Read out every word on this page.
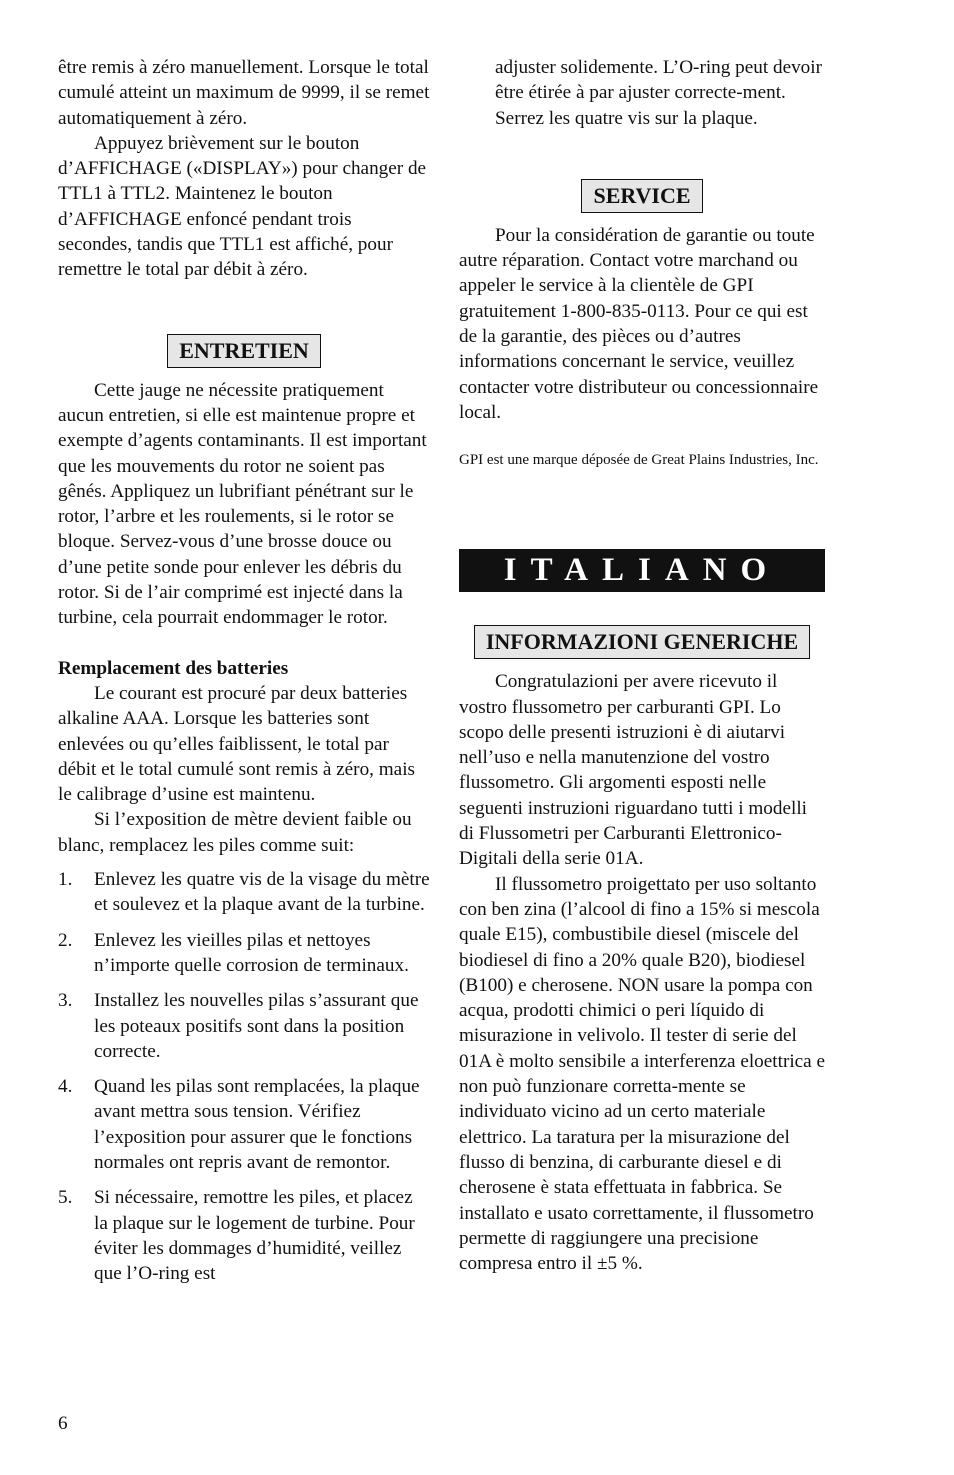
être remis à zéro manuellement. Lorsque le total cumulé atteint un maximum de 9999, il se remet automatiquement à zéro.

Appuyez brièvement sur le bouton d’AFFICHAGE («DISPLAY») pour changer de TTL1 à TTL2. Maintenez le bouton d’AFFICHAGE enfoncé pendant trois secondes, tandis que TTL1 est affiché, pour remettre le total par débit à zéro.

ENTRETIEN

Cette jauge ne nécessite pratiquement aucun entretien, si elle est maintenue propre et exempte d’agents contaminants. Il est important que les mouvements du rotor ne soient pas gênés. Appliquez un lubrifiant pénétrant sur le rotor, l’arbre et les roulements, si le rotor se bloque. Servez-vous d’une brosse douce ou d’une petite sonde pour enlever les débris du rotor. Si de l’air comprimé est injecté dans la turbine, cela pourrait endommager le rotor.

Remplacement des batteries

Le courant est procuré par deux batteries alkaline AAA. Lorsque les batteries sont enlevées ou qu’elles faiblissent, le total par débit et le total cumulé sont remis à zéro, mais le calibrage d’usine est maintenu.

Si l’exposition de mètre devient faible ou blanc, remplacez les piles comme suit:

1. Enlevez les quatre vis de la visage du mètre et soulevez et la plaque avant de la turbine.
2. Enlevez les vieilles pilas et nettoyes n’importe quelle corrosion de terminaux.
3. Installez les nouvelles pilas s’assurant que les poteaux positifs sont dans la position correcte.
4. Quand les pilas sont remplacées, la plaque avant mettra sous tension. Vérifiez l’exposition pour assurer que le fonctions normales ont repris avant de remontor.
5. Si nécessaire, remottre les piles, et placez la plaque sur le logement de turbine. Pour éviter les dommages d’humidité, veillez que l’O-ring est

adjuster solidemente. L’O-ring peut devoir être étirée à par ajuster correcte-ment. Serrez les quatre vis sur la plaque.

SERVICE

Pour la considération de garantie ou toute autre réparation. Contact votre marchand ou appeler le service à la clientèle de GPI gratuitement 1-800-835-0113. Pour ce qui est de la garantie, des pièces ou d’autres informations concernant le service, veuillez contacter votre distributeur ou concessionnaire local.

GPI est une marque déposée de Great Plains Industries, Inc.

ITALIANO
INFORMAZIONI GENERICHE

Congratulazioni per avere ricevuto il vostro flussometro per carburanti GPI. Lo scopo delle presenti istruzioni è di aiutarvi nell’uso e nella manutenzione del vostro flussometro. Gli argomenti esposti nelle seguenti instruzioni riguardano tutti i modelli di Flussometri per Carburanti Elettronico-Digitali della serie 01A.

Il flussometro proigettato per uso soltanto con ben zina (l’alcool di fino a 15% si mescola quale E15), combustibile diesel (miscele del biodiesel di fino a 20% quale B20), biodiesel (B100) e cherosene. NON usare la pompa con acqua, prodotti chimici o peri líquido di misurazione in velivolo. Il tester di serie del 01A è molto sensibile a interferenza eloettrica e non può funzionare corretta-mente se individuato vicino ad un certo materiale elettrico. La taratura per la misurazione del flusso di benzina, di carburante diesel e di cherosene è stata effettuata in fabbrica. Se installato e usato correttamente, il flussometro permette di raggiungere una precisione compresa entro il ±5 %.

6
